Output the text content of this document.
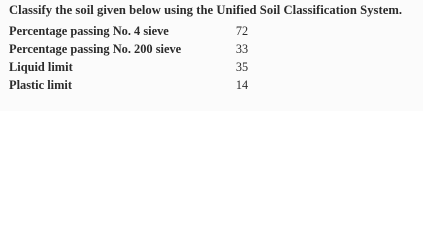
Classify the soil given below using the Unified Soil Classification System.
Percentage passing No. 4 sieve	72
Percentage passing No. 200 sieve	33
Liquid limit	35
Plastic limit	14
